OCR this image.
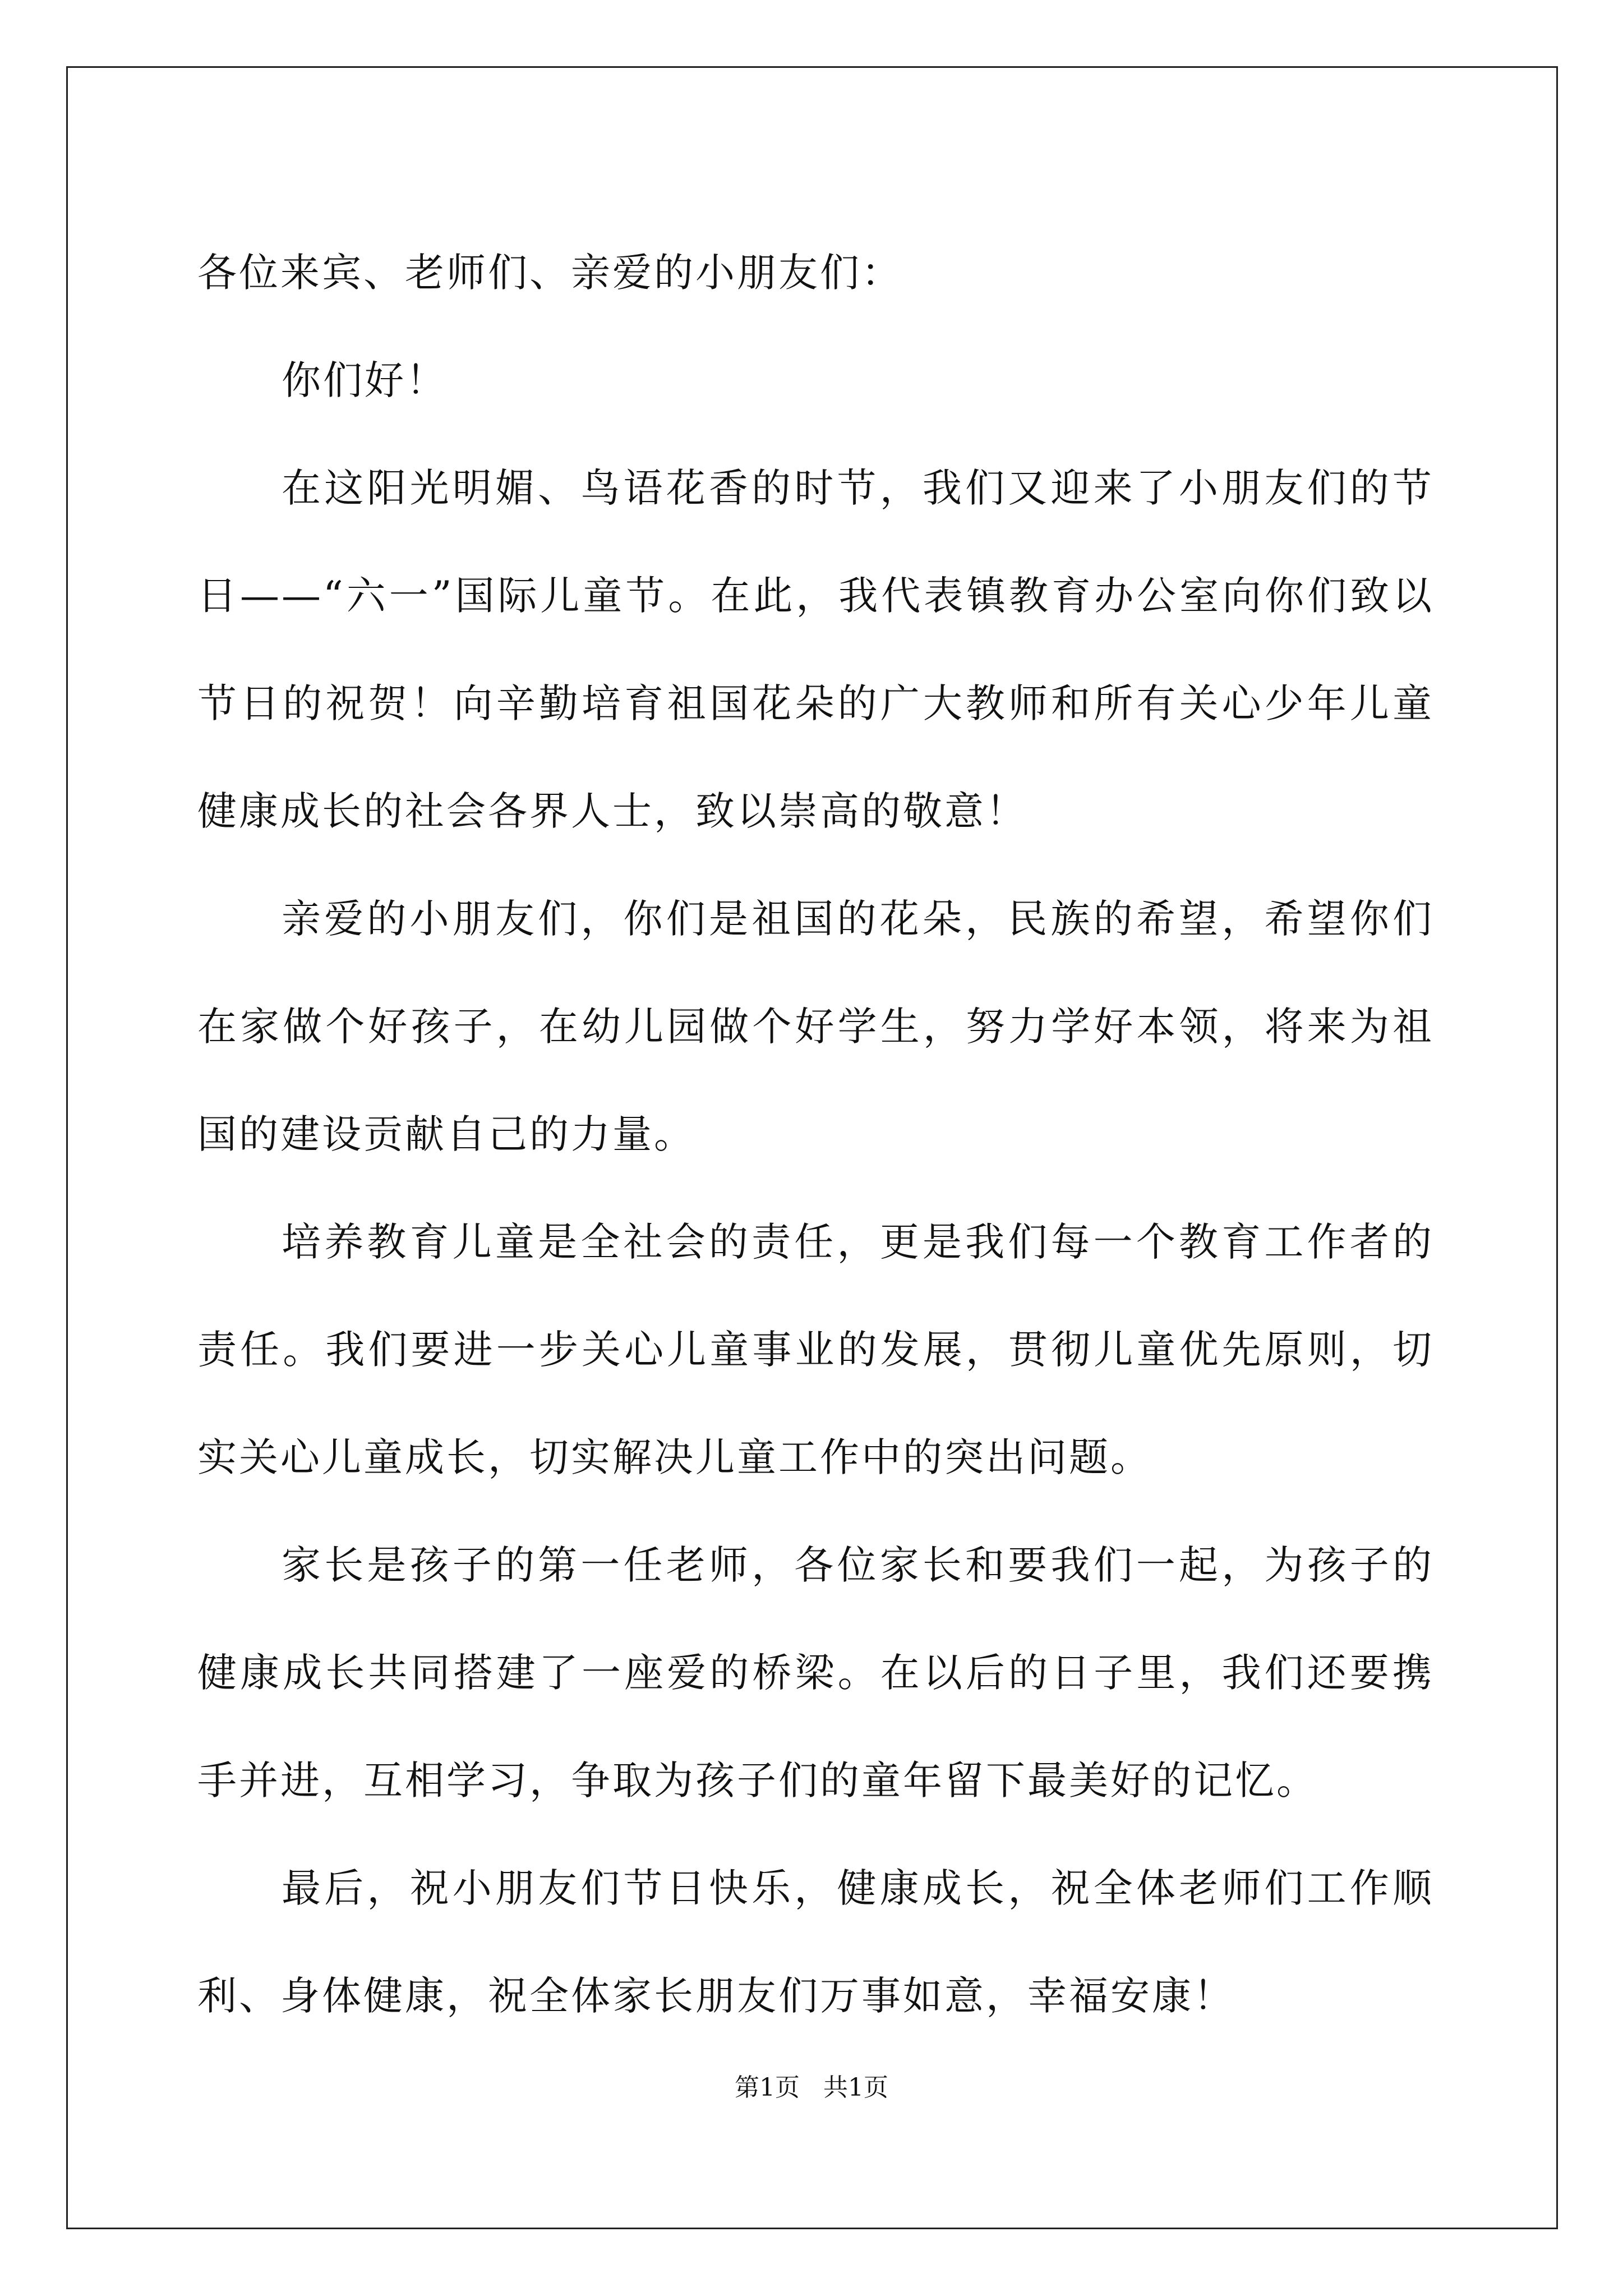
各位来宾、老师们、亲爱的小朋友们：

你们好！

在这阳光明媚、鸟语花香的时节，我们又迎来了小朋友们的节日——“六一”国际儿童节。在此，我代表镇教育办公室向你们致以节日的祝贺！向辛勤培育祖国花朵的广大教师和所有关心少年儿童健康成长的社会各界人士，致以崇高的敬意！

亲爱的小朋友们，你们是祖国的花朵，民族的希望，希望你们在家做个好孩子，在幼儿园做个好学生，努力学好本领，将来为祖国的建设贡献自己的力量。

培养教育儿童是全社会的责任，更是我们每一个教育工作者的责任。我们要进一步关心儿童事业的发展，贯彻儿童优先原则，切实关心儿童成长，切实解决儿童工作中的突出问题。

家长是孩子的第一任老师，各位家长和要我们一起，为孩子的健康成长共同搭建了一座爱的桥梁。在以后的日子里，我们还要携手并进，互相学习，争取为孩子们的童年留下最美好的记忆。

最后，祝小朋友们节日快乐，健康成长，祝全体老师们工作顺利、身体健康，祝全体家长朋友们万事如意，幸福安康！

第1页 共1页
